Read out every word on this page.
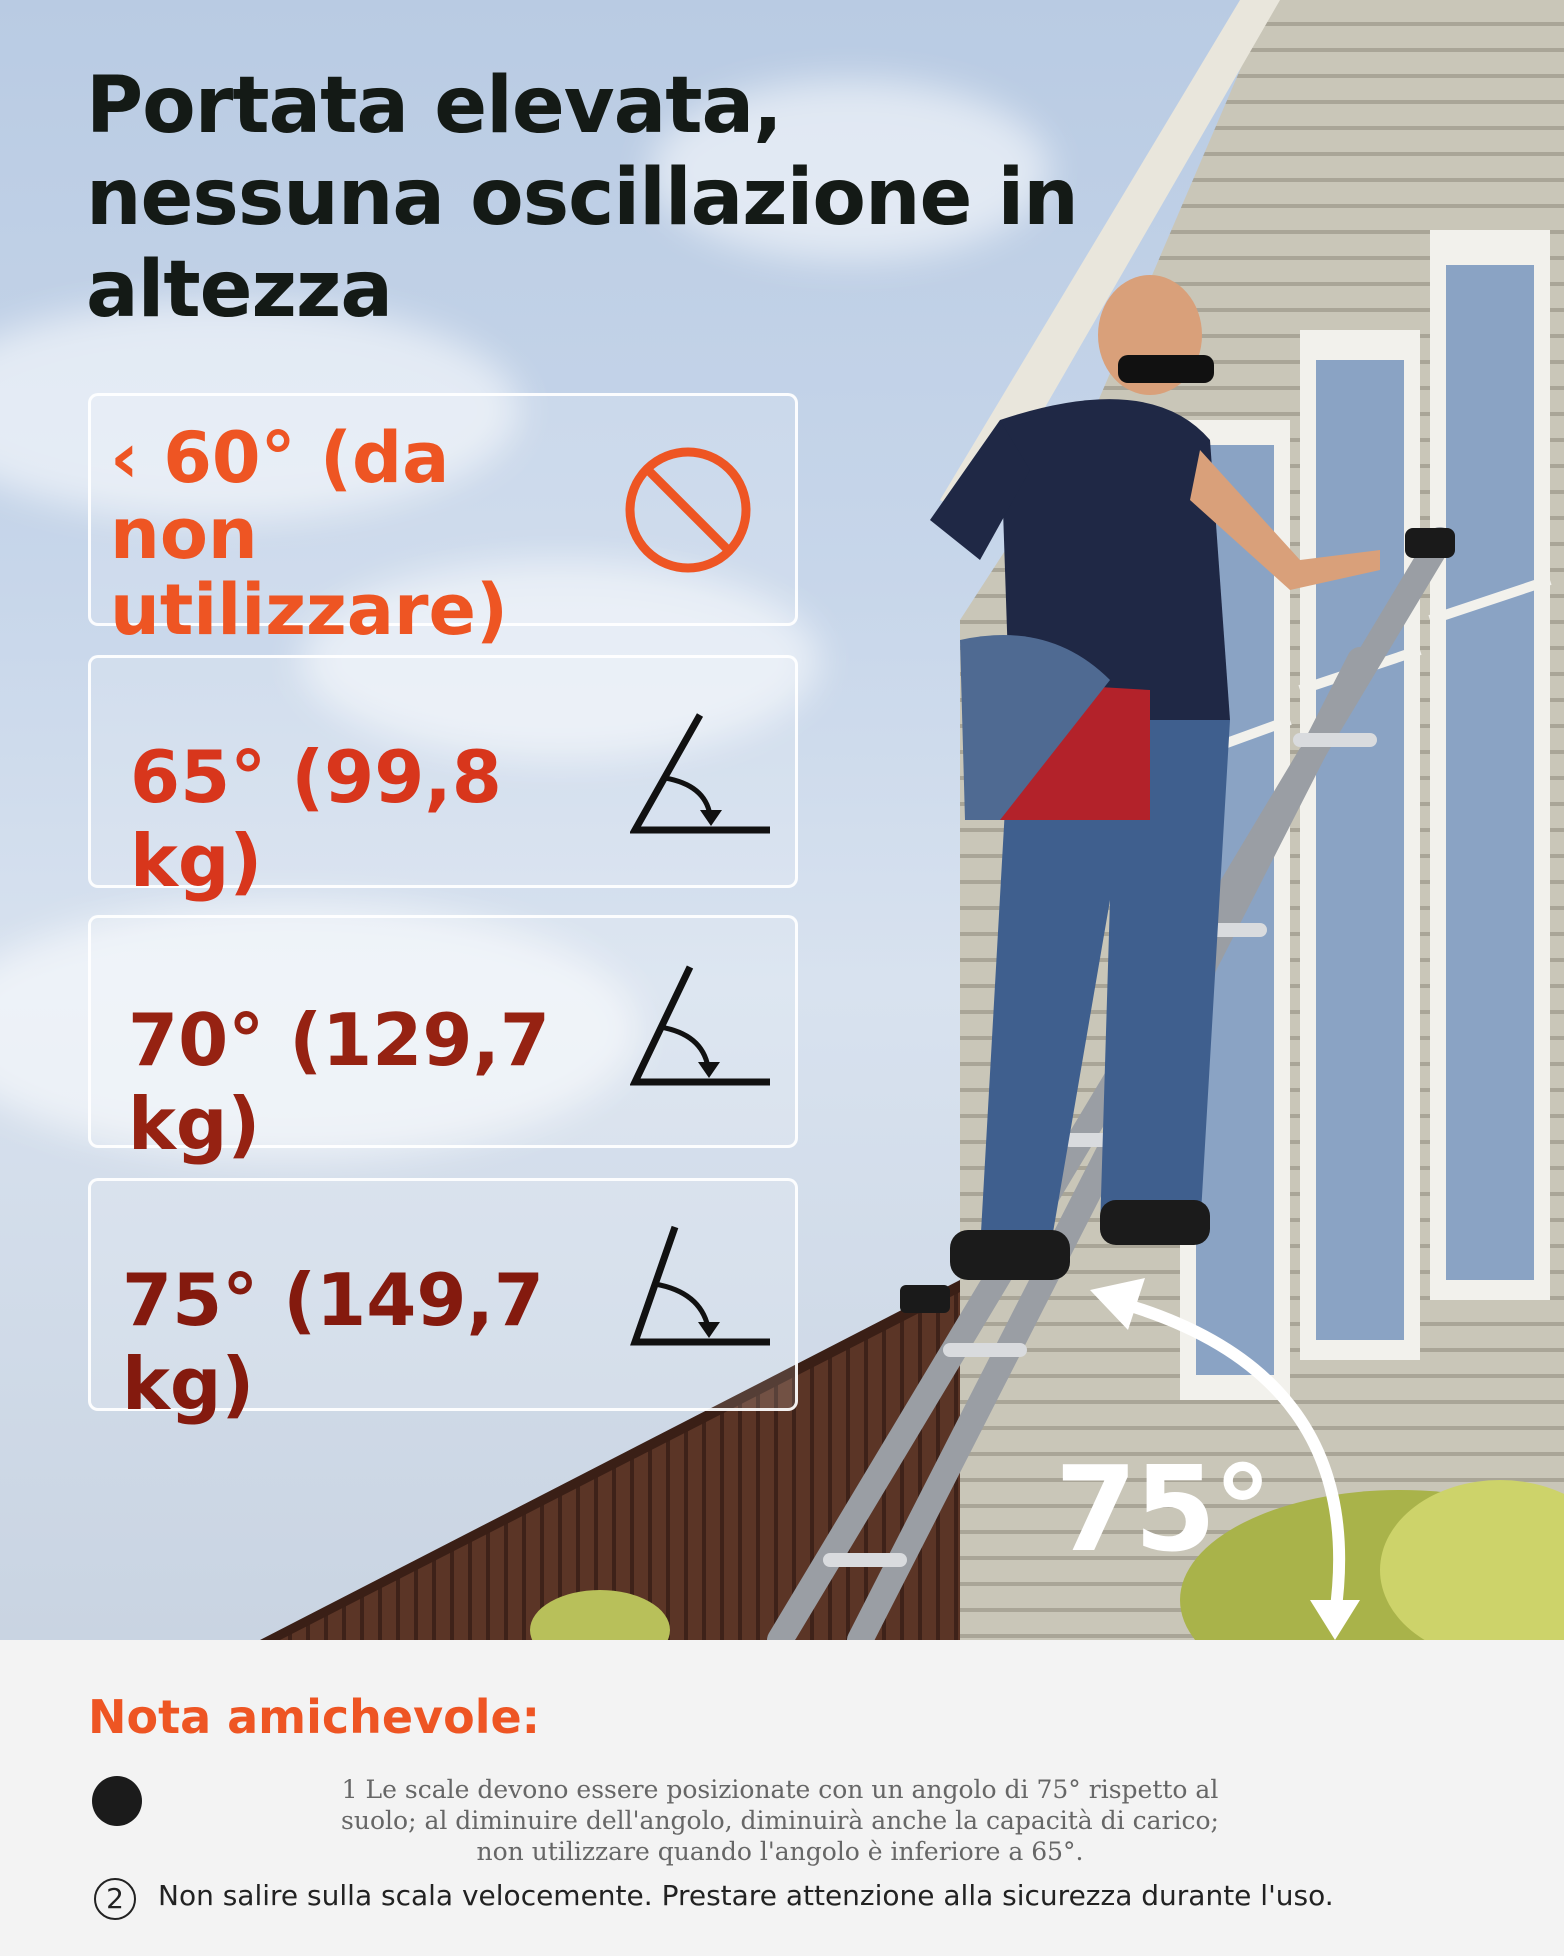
75°
Portata elevata, nessuna oscillazione in altezza
‹ 60° (da non utilizzare)
65° (99,8 kg)
70° (129,7 kg)
75° (149,7 kg)
Nota amichevole:

1 Le scale devono essere posizionate con un angolo di 75° rispetto al suolo; al diminuire dell'angolo, diminuirà anche la capacità di carico; non utilizzare quando l'angolo è inferiore a 65°.

2	Non salire sulla scala velocemente. Prestare attenzione alla sicurezza durante l'uso.
